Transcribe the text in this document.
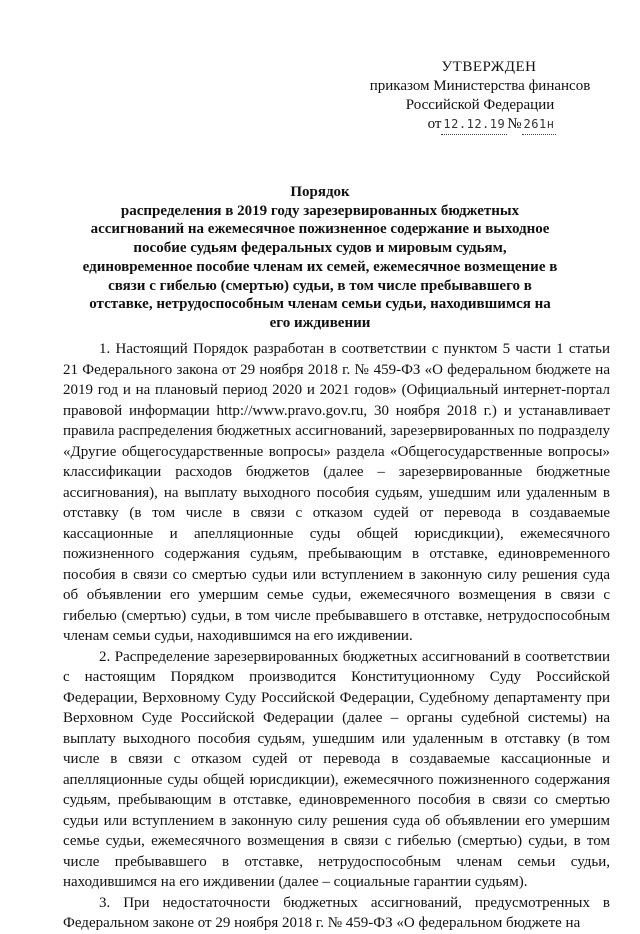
УТВЕРЖДЕН
приказом Министерства финансов
Российской Федерации
от 12.12.19 № 261н
Порядок
распределения в 2019 году зарезервированных бюджетных ассигнований на ежемесячное пожизненное содержание и выходное пособие судьям федеральных судов и мировым судьям, единовременное пособие членам их семей, ежемесячное возмещение в связи с гибелью (смертью) судьи, в том числе пребывавшего в отставке, нетрудоспособным членам семьи судьи, находившимся на его иждивении

1. Настоящий Порядок разработан в соответствии с пунктом 5 части 1 статьи 21 Федерального закона от 29 ноября 2018 г. № 459-ФЗ «О федеральном бюджете на 2019 год и на плановый период 2020 и 2021 годов» (Официальный интернет-портал правовой информации http://www.pravo.gov.ru, 30 ноября 2018 г.) и устанавливает правила распределения бюджетных ассигнований, зарезервированных по подразделу «Другие общегосударственные вопросы» раздела «Общегосударственные вопросы» классификации расходов бюджетов (далее – зарезервированные бюджетные ассигнования), на выплату выходного пособия судьям, ушедшим или удаленным в отставку (в том числе в связи с отказом судей от перевода в создаваемые кассационные и апелляционные суды общей юрисдикции), ежемесячного пожизненного содержания судьям, пребывающим в отставке, единовременного пособия в связи со смертью судьи или вступлением в законную силу решения суда об объявлении его умершим семье судьи, ежемесячного возмещения в связи с гибелью (смертью) судьи, в том числе пребывавшего в отставке, нетрудоспособным членам семьи судьи, находившимся на его иждивении.

2. Распределение зарезервированных бюджетных ассигнований в соответствии с настоящим Порядком производится Конституционному Суду Российской Федерации, Верховному Суду Российской Федерации, Судебному департаменту при Верховном Суде Российской Федерации (далее – органы судебной системы) на выплату выходного пособия судьям, ушедшим или удаленным в отставку (в том числе в связи с отказом судей от перевода в создаваемые кассационные и апелляционные суды общей юрисдикции), ежемесячного пожизненного содержания судьям, пребывающим в отставке, единовременного пособия в связи со смертью судьи или вступлением в законную силу решения суда об объявлении его умершим семье судьи, ежемесячного возмещения в связи с гибелью (смертью) судьи, в том числе пребывавшего в отставке, нетрудоспособным членам семьи судьи, находившимся на его иждивении (далее – социальные гарантии судьям).

3. При недостаточности бюджетных ассигнований, предусмотренных в Федеральном законе от 29 ноября 2018 г. № 459-ФЗ «О федеральном бюджете на
